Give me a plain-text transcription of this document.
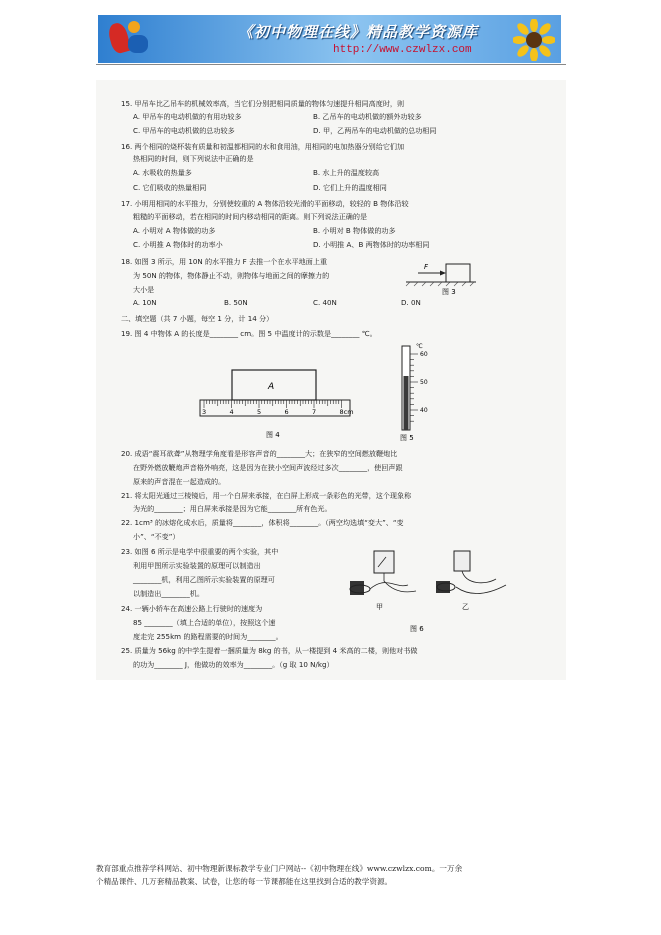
《初中物理在线》精品教学资源库
http://www.czwlzx.com
15. 甲吊车比乙吊车的机械效率高，当它们分别把相同质量的物体匀速提升相同高度时，则
A. 甲吊车的电动机做的有用功较多	B. 乙吊车的电动机做的额外功较多
C. 甲吊车的电动机做的总功较多	D. 甲，乙两吊车的电动机做的总功相同
16. 两个相同的烧杯装有质量和初温都相同的水和食用油，用相同的电加热器分别给它们加
热相同的时间，则下列说法中正确的是
A. 水吸收的热量多	B. 水上升的温度较高
C. 它们吸收的热量相同	D. 它们上升的温度相同
17. 小明用相同的水平推力，分别使较重的 A 物体沿较光滑的平面移动，较轻的 B 物体沿较
粗糙的平面移动，若在相同的时间内移动相同的距离。则下列说法正确的是
A. 小明对 A 物体做的功多	B. 小明对 B 物体做的功多
C. 小明推 A 物体时的功率小	D. 小明推 A、B 两物体时的功率相同
18. 如图 3 所示，用 10N 的水平推力 F 去推一个在水平地面上重
为 50N 的物体，物体静止不动，则物体与地面之间的摩擦力的
大小是
A. 10N	B. 50N	C. 40N	D. 0N
F
图 3
二、填空题（共 7 小题，每空 1 分，计 14 分）
19. 图 4 中物体 A 的长度是________ cm。图 5 中温度计的示数是________ ℃。
A
3	4	5	6	7	8cm
图 4
℃
60
50
40
图 5
20. 成语“震耳欲聋”从物理学角度看是形容声音的________大；在狭窄的空间燃放鞭炮比
在野外燃放鞭炮声音格外响亮，这是因为在狭小空间声波经过多次________，使回声跟
原来的声音混在一起造成的。
21. 将太阳光通过三棱镜后，用一个白屏来承接，在白屏上形成一条彩色的光带，这个现象称
为光的________；用白屏来承接是因为它能________所有色光。
22. 1cm³ 的冰熔化成水后，质量将________，体积将________。（两空均选填“变大”、“变
小”、“不变”）
23. 如图 6 所示是电学中很重要的两个实验，其中
利用甲图所示实验装置的原理可以制造出
________机，利用乙图所示实验装置的原理可
以制造出________机。
甲	乙
图 6
24. 一辆小轿车在高速公路上行驶时的速度为
85 ________（填上合适的单位），按照这个速
度走完 255km 的路程需要的时间为________。
25. 质量为 56kg 的中学生提着一捆质量为 8kg 的书，从一楼提到 4 米高的二楼，则他对书做
的功为________ J，他做功的效率为________。（g 取 10 N/kg）
教育部重点推荐学科网站、初中物理新课标教学专业门户网站--《初中物理在线》www.czwlzx.com。一万余
个精品课件、几万套精品教案、试卷，让您的每一节课都能在这里找到合适的教学资源。
